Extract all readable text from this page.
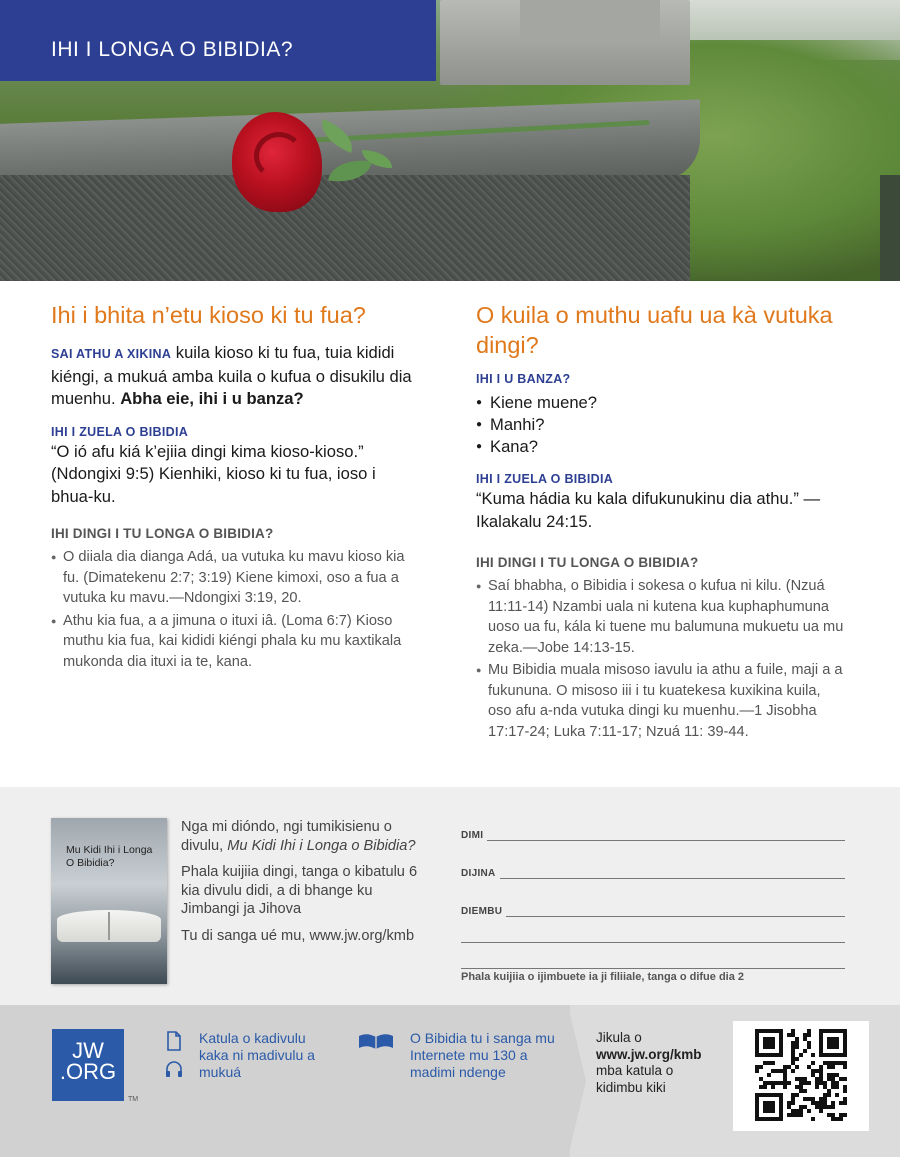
IHI I LONGA O BIBIDIA?
Ihi i bhita n’etu kioso ki tu fua?

SAI ATHU A XIKINA kuila kioso ki tu fua, tuia kididi kiéngi, a mukuá amba kuila o kufua o disukilu dia muenhu. Abha eie, ihi i u banza?

IHI I ZUELA O BIBIDIA

“O ió afu kiá k’ejiia dingi kima kioso-kioso.” (Ndongixi 9:5) Kienhiki, kioso ki tu fua, ioso i bhua-ku.

IHI DINGI I TU LONGA O BIBIDIA?
● O diiala dia dianga Adá, ua vutuka ku mavu kioso kia fu. (Dimatekenu 2:7; 3:19) Kiene kimoxi, oso a fua a vutuka ku mavu.—Ndongixi 3:19, 20.
● Athu kia fua, a a jimuna o ituxi iâ. (Loma 6:7) Kioso muthu kia fua, kai kididi kiéngi phala ku mu kaxtikala mukonda dia ituxi ia te, kana.
O kuila o muthu uafu ua kà vutuka dingi?
IHI I U BANZA?
● Kiene muene?
● Manhi?
● Kana?
IHI I ZUELA O BIBIDIA

“Kuma hádia ku kala difukunukinu dia athu.” —Ikalakalu 24:15.

IHI DINGI I TU LONGA O BIBIDIA?
● Saí bhabha, o Bibidia i sokesa o kufua ni kilu. (Nzuá 11:11-14) Nzambi uala ni kutena kua kuphaphumuna uoso ua fu, kála ki tuene mu balumuna mukuetu ua mu zeka.—Jobe 14:13-15.
● Mu Bibidia muala misoso iavulu ia athu a fuile, maji a a fukununa. O misoso iii i tu kuatekesa kuxikina kuila, oso afu a-nda vutuka dingi ku muenhu.—1 Jisobha 17:17-24; Luka 7:11-17; Nzuá 11: 39-44.
Mu Kidi Ihi i Longa O Bibidia?

Nga mi dióndo, ngi tumikisienu o divulu, Mu Kidi Ihi i Longa o Bibidia?

Phala kuijiia dingi, tanga o kibatulu 6 kia divulu didi, a di bhange ku Jimbangi ja Jihova

Tu di sanga ué mu, www.jw.org/kmb

DIMI
DIJINA
DIEMBU
Phala kuijiia o ijimbuete ia ji filiiale, tanga o difue dia 2
JW
.ORG
TM
Katula o kadivulu kaka ni madivulu a mukuá
O Bibidia tu i sanga mu Internete mu 130 a madimi ndenge
Jikula o
www.jw.org/kmb
mba katula o kidimbu kiki
